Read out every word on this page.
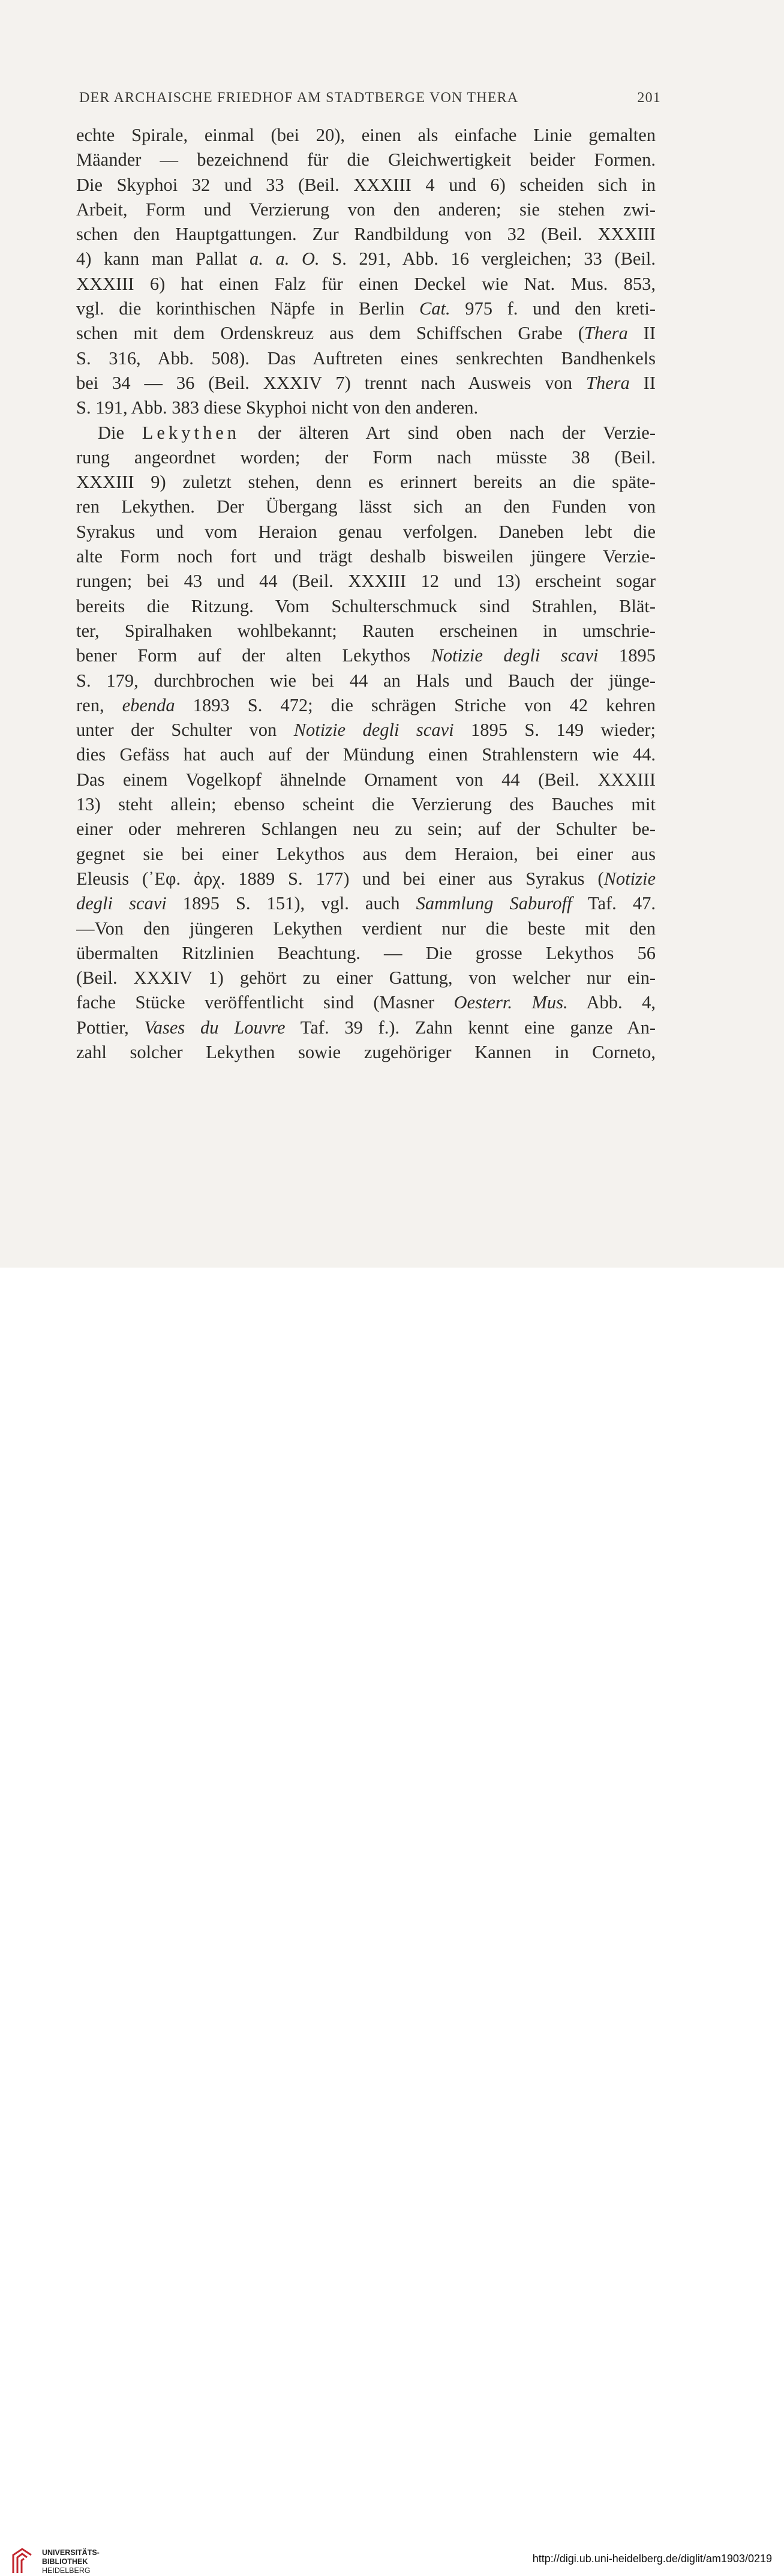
DER ARCHAISCHE FRIEDHOF AM STADTBERGE VON THERA	201
echte Spirale, einmal (bei 20), einen als einfache Linie gemalten
Mäander — bezeichnend für die Gleichwertigkeit beider Formen.
Die Skyphoi 32 und 33 (Beil. XXXIII 4 und 6) scheiden sich in
Arbeit, Form und Verzierung von den anderen; sie stehen zwi-
schen den Hauptgattungen. Zur Randbildung von 32 (Beil. XXXIII
4) kann man Pallat a. a. O. S. 291, Abb. 16 vergleichen; 33 (Beil.
XXXIII 6) hat einen Falz für einen Deckel wie Nat. Mus. 853,
vgl. die korinthischen Näpfe in Berlin Cat. 975 f. und den kreti-
schen mit dem Ordenskreuz aus dem Schiffschen Grabe (Thera II
S. 316, Abb. 508). Das Auftreten eines senkrechten Bandhenkels
bei 34 — 36 (Beil. XXXIV 7) trennt nach Ausweis von Thera II
S. 191, Abb. 383 diese Skyphoi nicht von den anderen.
Die Lekythen der älteren Art sind oben nach der Verzie-
rung angeordnet worden; der Form nach müsste 38 (Beil.
XXXIII 9) zuletzt stehen, denn es erinnert bereits an die späte-
ren Lekythen. Der Übergang lässt sich an den Funden von
Syrakus und vom Heraion genau verfolgen. Daneben lebt die
alte Form noch fort und trägt deshalb bisweilen jüngere Verzie-
rungen; bei 43 und 44 (Beil. XXXIII 12 und 13) erscheint sogar
bereits die Ritzung. Vom Schulterschmuck sind Strahlen, Blät-
ter, Spiralhaken wohlbekannt; Rauten erscheinen in umschrie-
bener Form auf der alten Lekythos Notizie degli scavi 1895
S. 179, durchbrochen wie bei 44 an Hals und Bauch der jünge-
ren, ebenda 1893 S. 472; die schrägen Striche von 42 kehren
unter der Schulter von Notizie degli scavi 1895 S. 149 wieder;
dies Gefäss hat auch auf der Mündung einen Strahlenstern wie 44.
Das einem Vogelkopf ähnelnde Ornament von 44 (Beil. XXXIII
13) steht allein; ebenso scheint die Verzierung des Bauches mit
einer oder mehreren Schlangen neu zu sein; auf der Schulter be-
gegnet sie bei einer Lekythos aus dem Heraion, bei einer aus
Eleusis (᾿Εφ. ἀρχ. 1889 S. 177) und bei einer aus Syrakus (Notizie
degli scavi 1895 S. 151), vgl. auch Sammlung Saburoff Taf. 47.
—Von den jüngeren Lekythen verdient nur die beste mit den
übermalten Ritzlinien Beachtung. — Die grosse Lekythos 56
(Beil. XXXIV 1) gehört zu einer Gattung, von welcher nur ein-
fache Stücke veröffentlicht sind (Masner Oesterr. Mus. Abb. 4,
Pottier, Vases du Louvre Taf. 39 f.). Zahn kennt eine ganze An-
zahl solcher Lekythen sowie zugehöriger Kannen in Corneto,
UNIVERSITÄTS-
BIBLIOTHEK
HEIDELBERG
http://digi.ub.uni-heidelberg.de/diglit/am1903/0219
